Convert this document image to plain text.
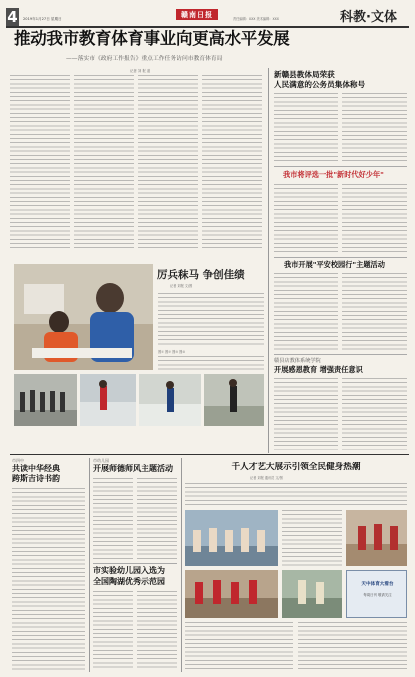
4	2019年1月27日 星期日	赣南日报	责任编辑：XXX 美术编辑：XXX	科教·文体
推动我市教育体育事业向更高水平发展
——落实市《政府工作报告》重点工作任务访问市教育体育局
记者 刘 报 道	新赣县教体局荣获
人民满意的公务员集体称号
我市将评选一批"新时代好少年"
我市开展"平安校园行"主题活动
赣县店教体系统学院
开展感恩教育 增强责任意识
厉兵秣马 争创佳绩
记者 刘报 文/图
图① 图② 图③ 图④
市四中
共读中华经典
跨斯吉诗书韵
市幼儿园
开展师德师风主题活动
市实验幼儿园入选为
全国陶湖优秀示范园
千人才艺大展示引领全民健身热潮
记者 刘报 通讯员 文/图
天中体育大看台
每周日刊 敬请关注
